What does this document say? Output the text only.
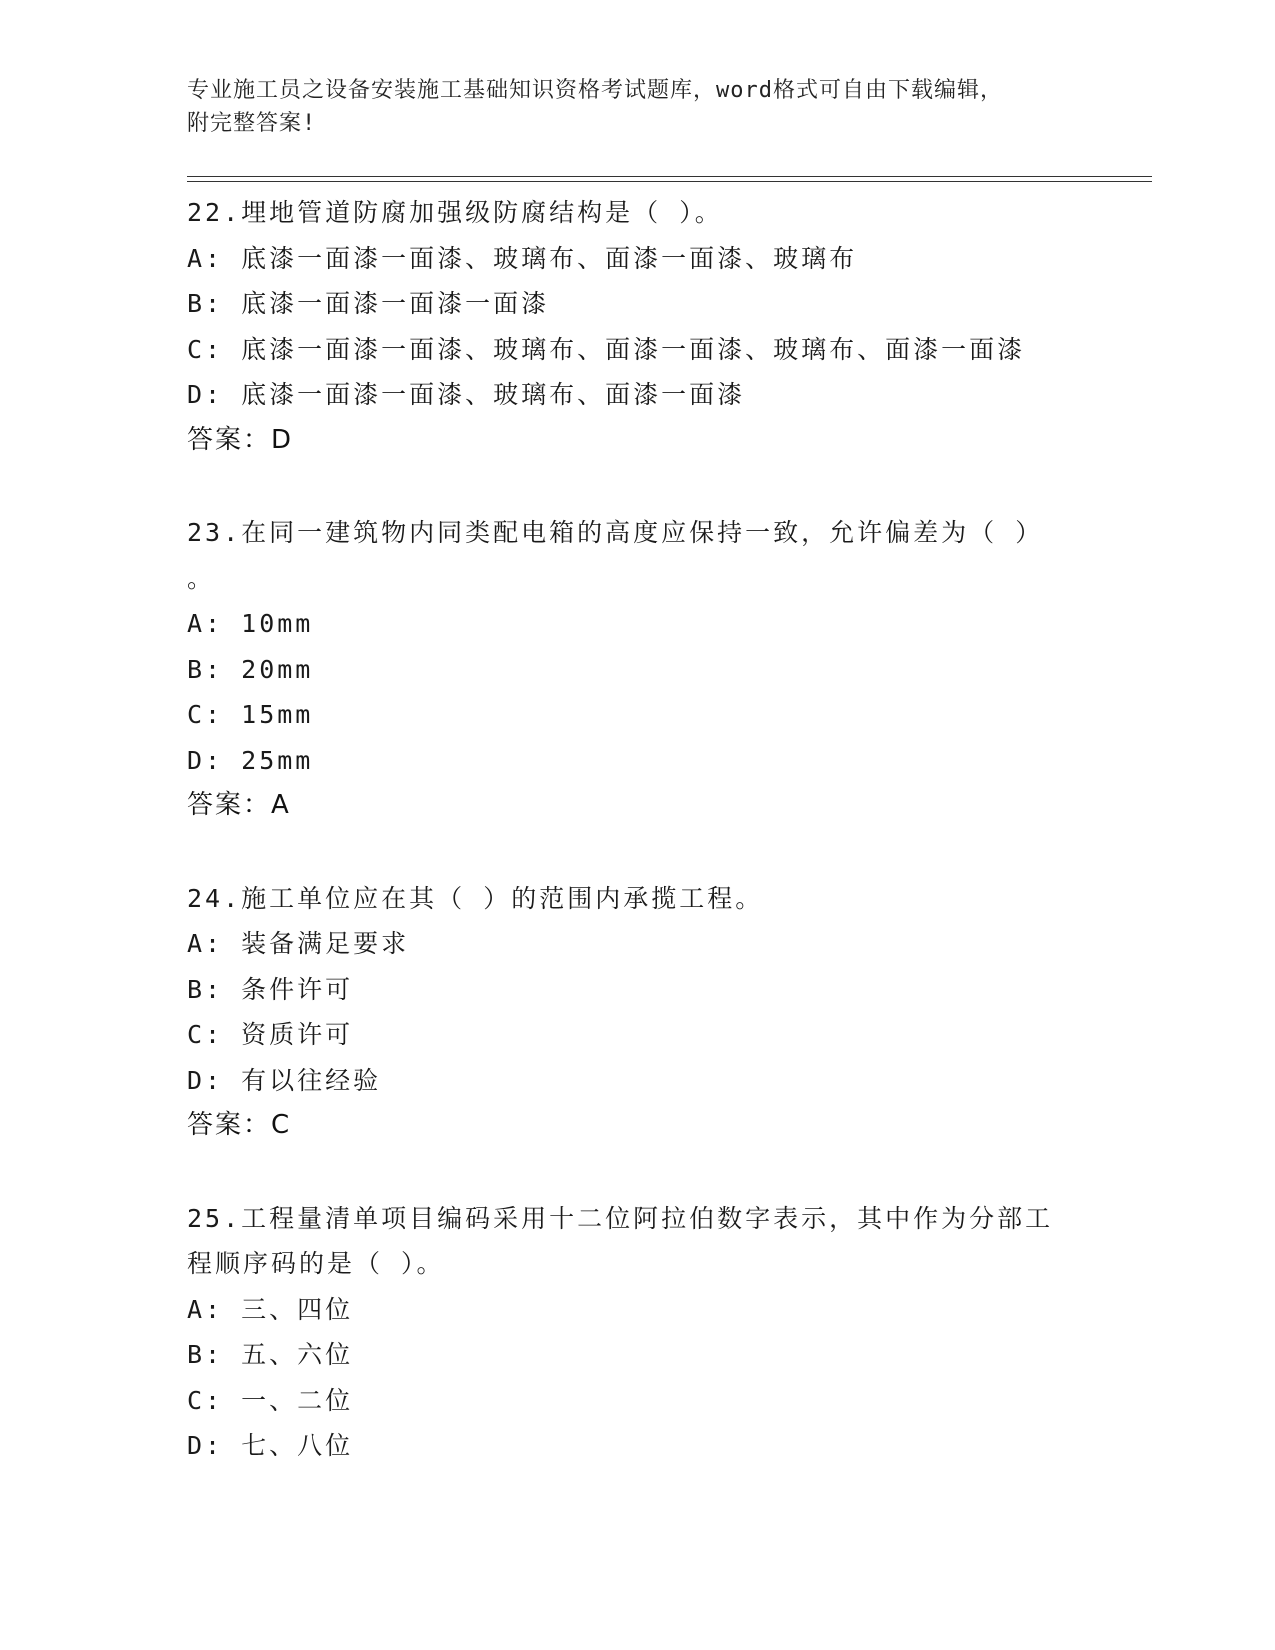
专业施工员之设备安装施工基础知识资格考试题库，word格式可自由下载编辑，
附完整答案!
22.埋地管道防腐加强级防腐结构是（ ）。
A: 底漆一面漆一面漆、玻璃布、面漆一面漆、玻璃布
B: 底漆一面漆一面漆一面漆
C: 底漆一面漆一面漆、玻璃布、面漆一面漆、玻璃布、面漆一面漆
D: 底漆一面漆一面漆、玻璃布、面漆一面漆
答案：D
23.在同一建筑物内同类配电箱的高度应保持一致，允许偏差为（ ）
。
A: 10mm
B: 20mm
C: 15mm
D: 25mm
答案：A
24.施工单位应在其（ ）的范围内承揽工程。
A: 装备满足要求
B: 条件许可
C: 资质许可
D: 有以往经验
答案：C
25.工程量清单项目编码采用十二位阿拉伯数字表示，其中作为分部工
程顺序码的是（ ）。
A: 三、四位
B: 五、六位
C: 一、二位
D: 七、八位
